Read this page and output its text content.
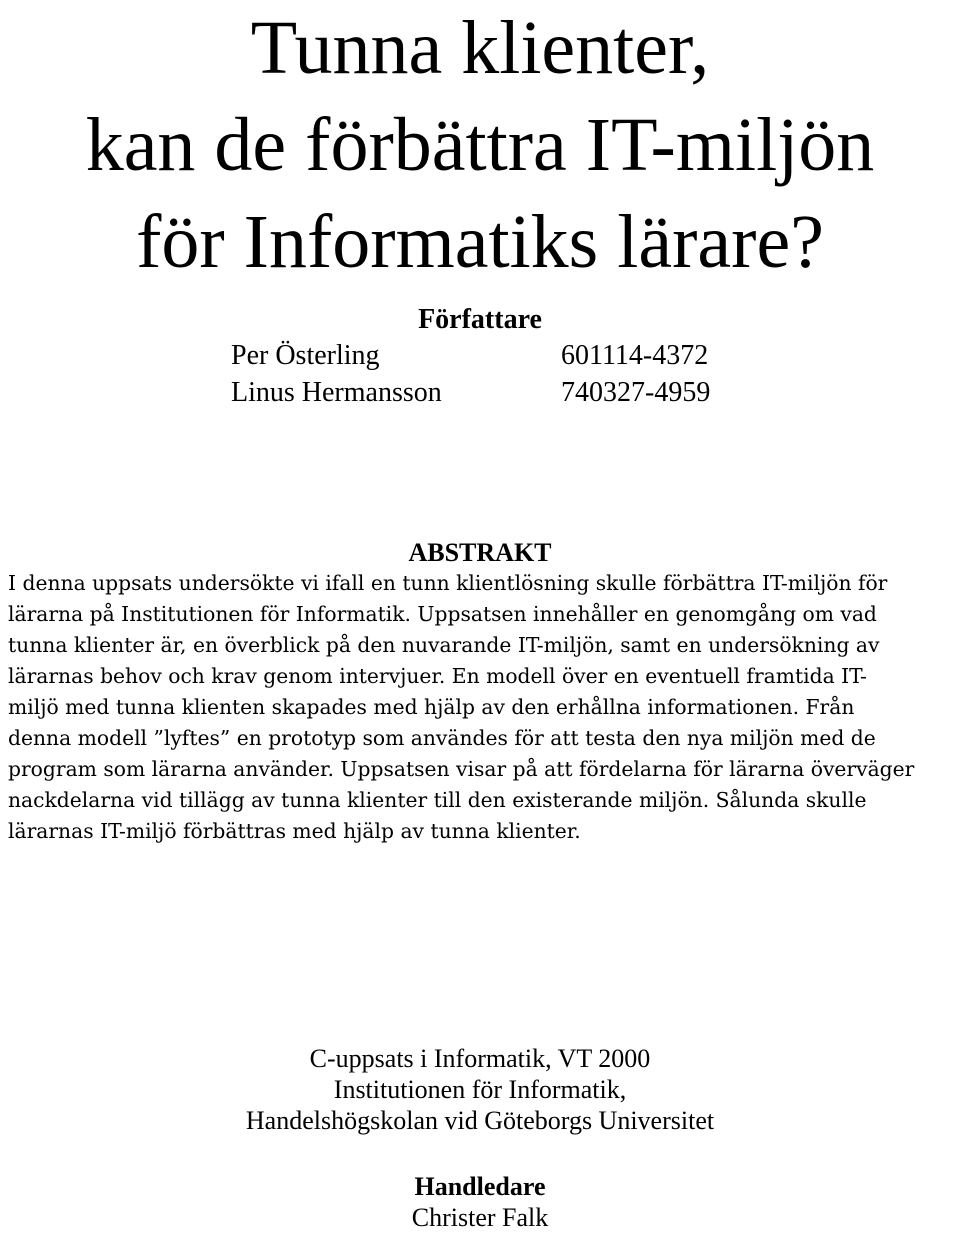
Tunna klienter,
kan de förbättra IT-miljön
för Informatiks lärare?
Författare
Per Österling	601114-4372
Linus Hermansson	740327-4959
ABSTRAKT

I denna uppsats undersökte vi ifall en tunn klientlösning skulle förbättra IT-miljön för
lärarna på Institutionen för Informatik. Uppsatsen innehåller en genomgång om vad
tunna klienter är, en överblick på den nuvarande IT-miljön, samt en undersökning av
lärarnas behov och krav genom intervjuer. En modell över en eventuell framtida IT-
miljö med tunna klienten skapades med hjälp av den erhållna informationen. Från
denna modell ”lyftes” en prototyp som användes för att testa den nya miljön med de
program som lärarna använder. Uppsatsen visar på att fördelarna för lärarna överväger
nackdelarna vid tillägg av tunna klienter till den existerande miljön. Sålunda skulle
lärarnas IT-miljö förbättras med hjälp av tunna klienter.

C-uppsats i Informatik, VT 2000
Institutionen för Informatik,
Handelshögskolan vid Göteborgs Universitet
Handledare
Christer Falk
